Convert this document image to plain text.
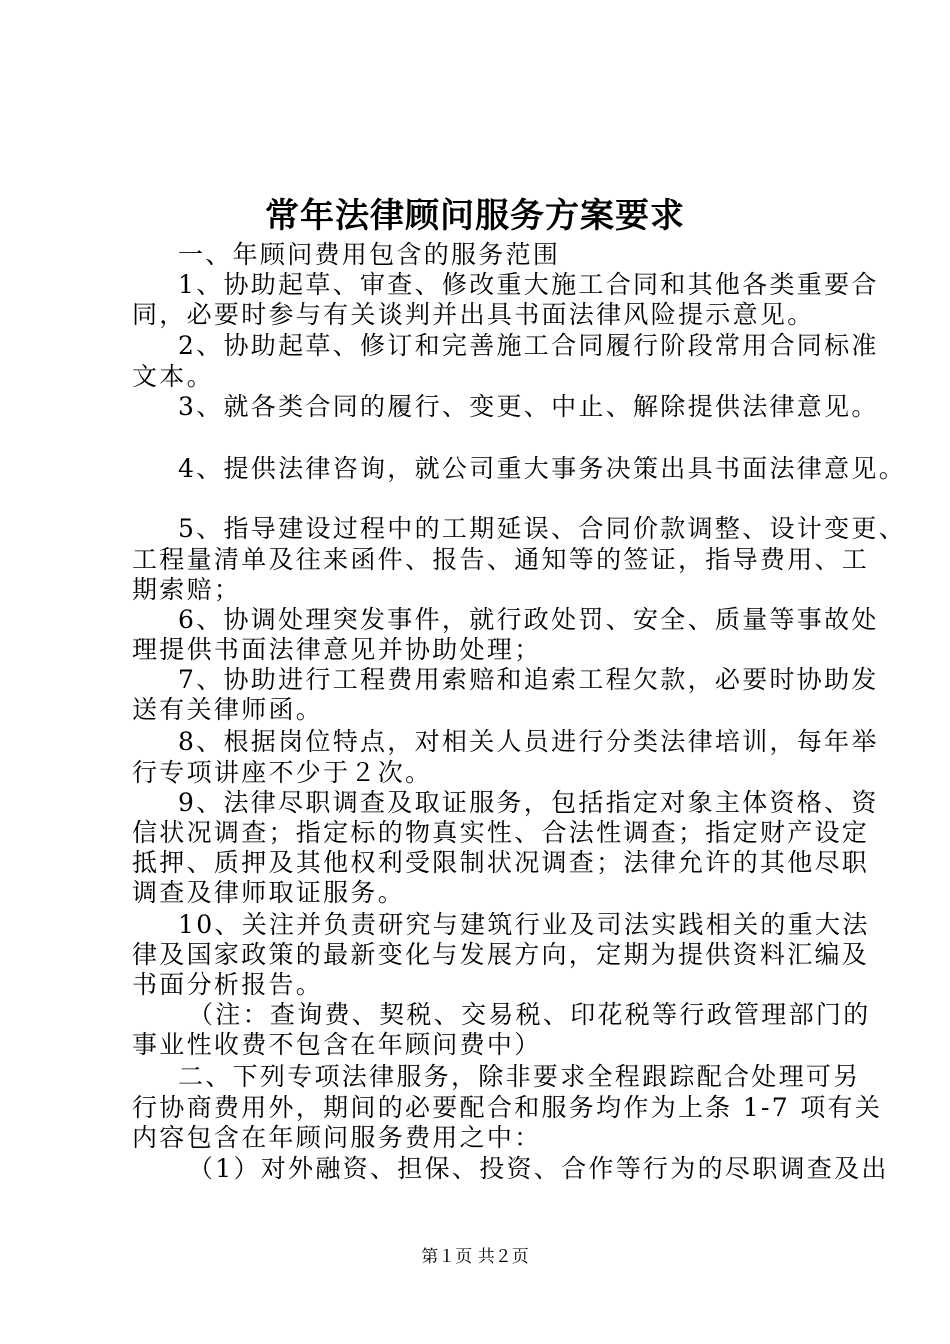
常年法律顾问服务方案要求
一、年顾问费用包含的服务范围
1、协助起草、审查、修改重大施工合同和其他各类重要合
同，必要时参与有关谈判并出具书面法律风险提示意见。
2、协助起草、修订和完善施工合同履行阶段常用合同标准
文本。
3、就各类合同的履行、变更、中止、解除提供法律意见。
4、提供法律咨询，就公司重大事务决策出具书面法律意见。
5、指导建设过程中的工期延误、合同价款调整、设计变更、
工程量清单及往来函件、报告、通知等的签证，指导费用、工
期索赔；
6、协调处理突发事件，就行政处罚、安全、质量等事故处
理提供书面法律意见并协助处理；
7、协助进行工程费用索赔和追索工程欠款，必要时协助发
送有关律师函。
8、根据岗位特点，对相关人员进行分类法律培训，每年举
行专项讲座不少于２次。
9、法律尽职调查及取证服务，包括指定对象主体资格、资
信状况调查；指定标的物真实性、合法性调查；指定财产设定
抵押、质押及其他权利受限制状况调查；法律允许的其他尽职
调查及律师取证服务。
10、关注并负责研究与建筑行业及司法实践相关的重大法
律及国家政策的最新变化与发展方向，定期为提供资料汇编及
书面分析报告。
（注：查询费、契税、交易税、印花税等行政管理部门的
事业性收费不包含在年顾问费中）
二、下列专项法律服务，除非要求全程跟踪配合处理可另
行协商费用外，期间的必要配合和服务均作为上条 1-7 项有关
内容包含在年顾问服务费用之中：
（1）对外融资、担保、投资、合作等行为的尽职调查及出
第１页 共２页
